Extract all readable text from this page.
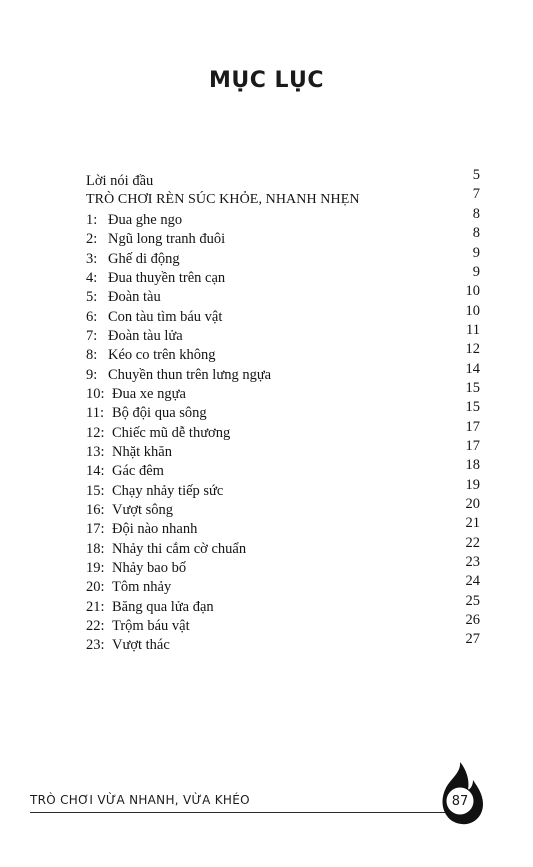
MỤC LỤC
Lời nói đầu	5
TRÒ CHƠI RÈN SÚC KHỎE, NHANH NHẸN	7
1: Đua ghe ngo	8
2: Ngũ long tranh đuôi	8
3: Ghế di động	9
4: Đua thuyền trên cạn	9
5: Đoàn tàu	10
6: Con tàu tìm báu vật	10
7: Đoàn tàu lửa	11
8: Kéo co trên không	12
9: Chuyền thun trên lưng ngựa	14
10: Đua xe ngựa	15
11: Bộ đội qua sông	15
12: Chiếc mũ dễ thương	17
13: Nhặt khăn	17
14: Gác đêm	18
15: Chạy nhảy tiếp sức	19
16: Vượt sông	20
17: Đội nào nhanh	21
18: Nhảy thi cắm cờ chuẩn	22
19: Nhảy bao bố	23
20: Tôm nhảy	24
21: Băng qua lửa đạn	25
22: Trộm báu vật	26
23: Vượt thác	27
TRÒ CHƠI VỪA NHANH, VỪA KHÉO	87
